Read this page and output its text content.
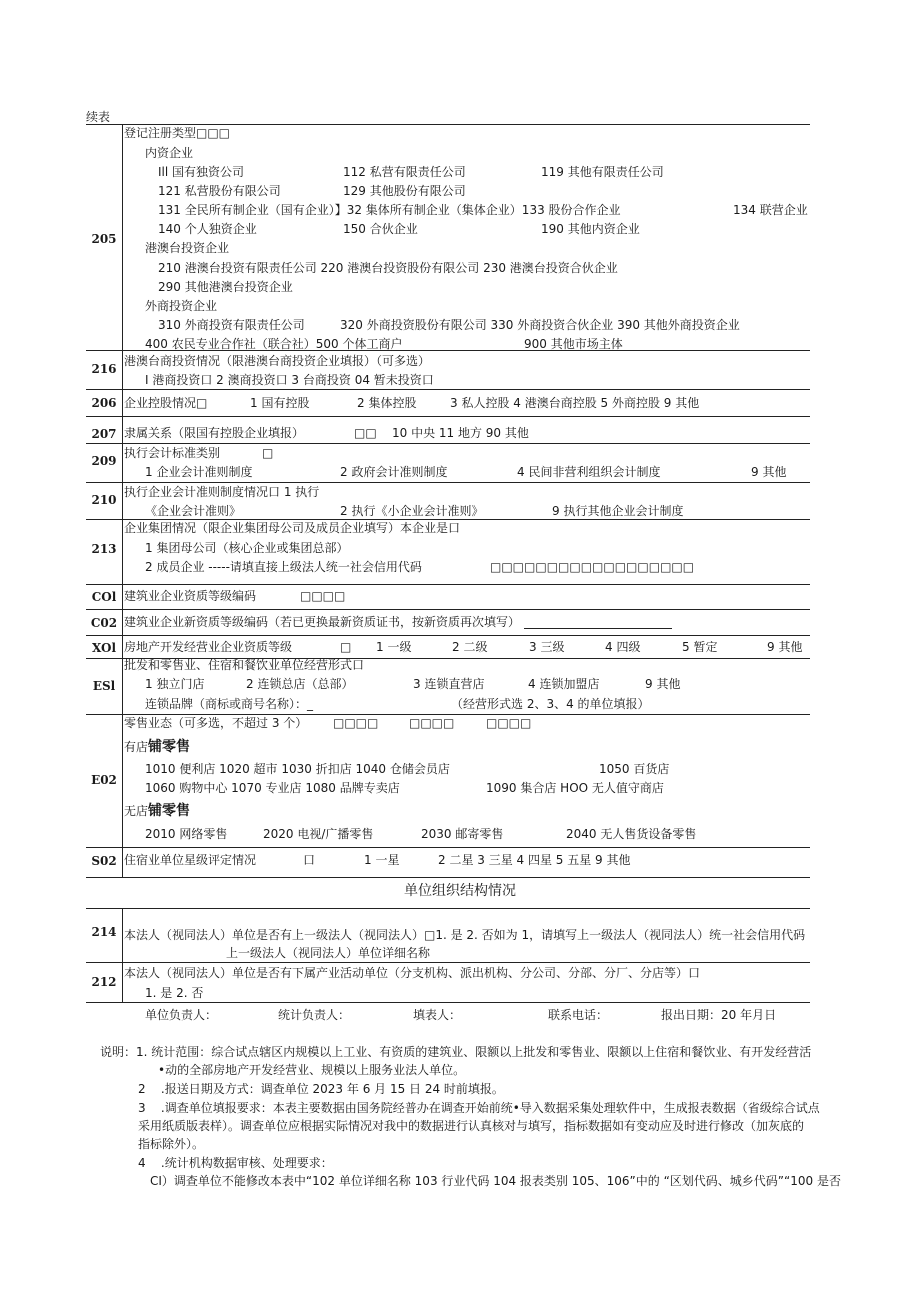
续表
205
登记注册类型□□□
内资企业
Ill 国有独资公司	112 私营有限责任公司	119 其他有限责任公司
121 私营股份有限公司	129 其他股份有限公司
131 全民所有制企业（国有企业）】32 集体所有制企业（集体企业）133 股份合作企业	134 联营企业
140 个人独资企业	150 合伙企业	190 其他内资企业
港澳台投资企业
210 港澳台投资有限责任公司 220 港澳台投资股份有限公司 230 港澳台投资合伙企业
290 其他港澳台投资企业
外商投资企业
310 外商投资有限责任公司	320 外商投资股份有限公司 330 外商投资合伙企业 390 其他外商投资企业
400 农民专业合作社（联合社）500 个体工商户	900 其他市场主体
216
港澳台商投资情况（限港澳台商投资企业填报）（可多选）
I 港商投资口 2 澳商投资口 3 台商投资 04 暂未投资口
206 企业控股情况□	1 国有控股	2 集体控股	3 私人控股 4 港澳台商控股 5 外商控股 9 其他
207 隶属关系（限国有控股企业填报）	□□ 10 中央 11 地方 90 其他
209
执行会计标准类别	□
1 企业会计准则制度	2 政府会计准则制度	4 民间非营利组织会计制度	9 其他
210
执行企业会计准则制度情况口 1 执行
《企业会计准则》	2 执行《小企业会计准则》	9 执行其他企业会计制度
213
企业集团情况（限企业集团母公司及成员企业填写）本企业是口
1 集团母公司（核心企业或集团总部）
2 成员企业 -----请填直接上级法人统一社会信用代码	□□□□□□□□□□□□□□□□□□
COl 建筑业企业资质等级编码	□□□□
C02 建筑业企业新资质等级编码（若已更换最新资质证书，按新资质再次填写）
XOl 房地产开发经营业企业资质等级	□ 1 一级	2 二级	3 三级	4 四级	5 暂定	9 其他
ESl
批发和零售业、住宿和餐饮业单位经营形式口
1 独立门店	2 连锁总店（总部）	3 连锁直营店	4 连锁加盟店	9 其他
连锁品牌（商标或商号名称）：_	（经营形式选 2、3、4 的单位填报）
E02
零售业态（可多选，不超过 3 个） □□□□	□□□□	□□□□
有店铺零售
1010 便利店 1020 超市 1030 折扣店 1040 仓储会员店	1050 百货店
1060 购物中心 1070 专业店 1080 品牌专卖店	1090 集合店 HOO 无人值守商店
无店铺零售
2010 网络零售	2020 电视/广播零售	2030 邮寄零售	2040 无人售货设备零售
S02 住宿业单位星级评定情况	口	1 一星	2 二星 3 三星 4 四星 5 五星 9 其他
单位组织结构情况
214 本法人（视同法人）单位是否有上一级法人（视同法人）□1. 是 2. 否如为 1，请填写上一级法人（视同法人）统一社会信用代码
上一级法人（视同法人）单位详细名称
212
本法人（视同法人）单位是否有下属产业活动单位（分支机构、派出机构、分公司、分部、分厂、分店等）口
1. 是 2. 否
单位负责人：	统计负责人：	填表人：	联系电话：	报出日期：20 年月日
说明：1. 统计范围：综合试点辖区内规模以上工业、有资质的建筑业、限额以上批发和零售业、限额以上住宿和餐饮业、有开发经营活
•动的全部房地产开发经营业、规模以上服务业法人单位。
2    .报送日期及方式：调查单位 2023 年 6 月 15 日 24 时前填报。
3    .调查单位填报要求：本表主要数据由国务院经普办在调查开始前统•导入数据采集处理软件中，生成报表数据（省级综合试点
采用纸质版表样）。调查单位应根据实际情况对我中的数据进行认真核对与填写，指标数据如有变动应及时进行修改（加灰底的
指标除外）。
4    .统计机构数据审核、处理要求：
CI）调查单位不能修改本表中“102 单位详细名称 103 行业代码 104 报表类别 105、106”中的 “区划代码、城乡代码”“100 是否
